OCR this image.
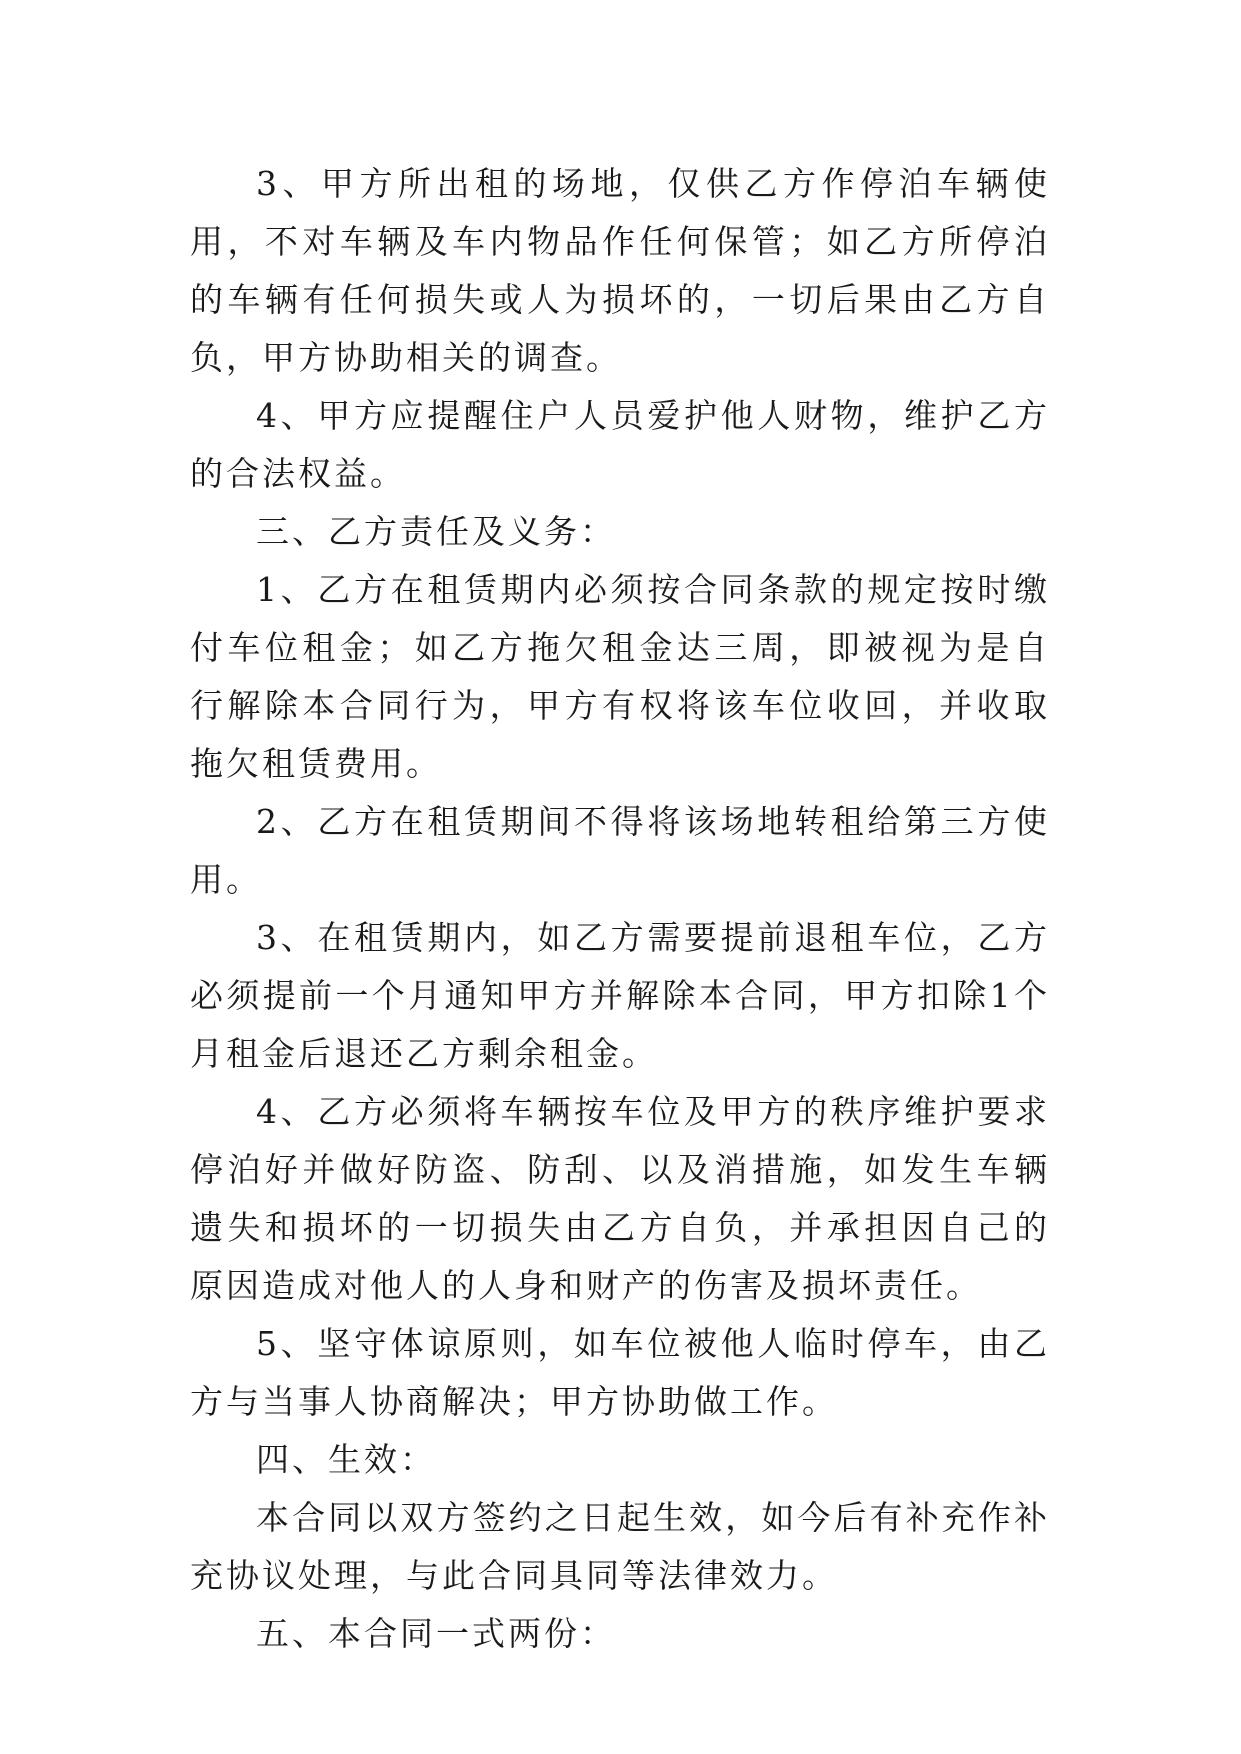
3、甲方所出租的场地，仅供乙方作停泊车辆使用，不对车辆及车内物品作任何保管；如乙方所停泊的车辆有任何损失或人为损坏的，一切后果由乙方自负，甲方协助相关的调查。

4、甲方应提醒住户人员爱护他人财物，维护乙方的合法权益。

三、乙方责任及义务：

1、乙方在租赁期内必须按合同条款的规定按时缴付车位租金；如乙方拖欠租金达三周，即被视为是自行解除本合同行为，甲方有权将该车位收回，并收取拖欠租赁费用。

2、乙方在租赁期间不得将该场地转租给第三方使用。

3、在租赁期内，如乙方需要提前退租车位，乙方必须提前一个月通知甲方并解除本合同，甲方扣除1个月租金后退还乙方剩余租金。

4、乙方必须将车辆按车位及甲方的秩序维护要求停泊好并做好防盗、防刮、以及消措施，如发生车辆遗失和损坏的一切损失由乙方自负，并承担因自己的原因造成对他人的人身和财产的伤害及损坏责任。

5、坚守体谅原则，如车位被他人临时停车，由乙方与当事人协商解决；甲方协助做工作。

四、生效：

本合同以双方签约之日起生效，如今后有补充作补充协议处理，与此合同具同等法律效力。

五、本合同一式两份：
